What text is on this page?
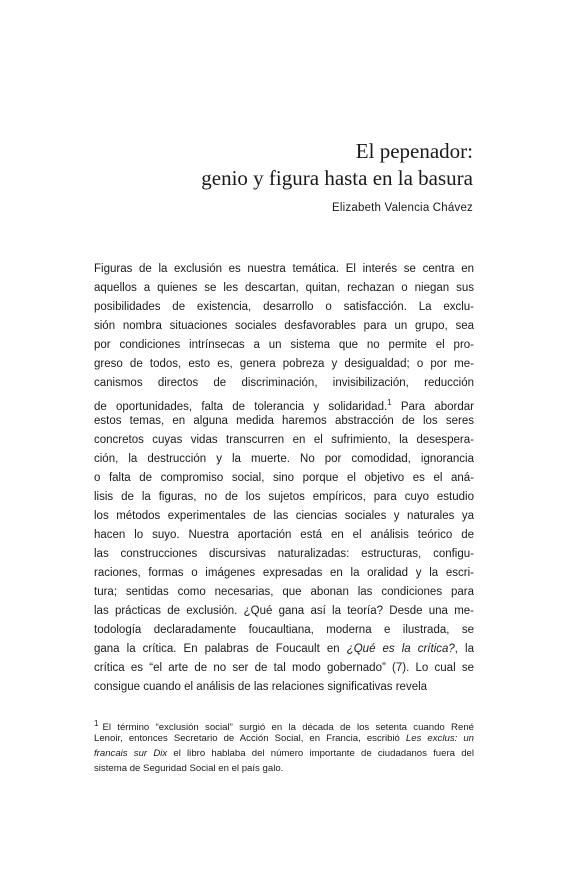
El pepenador:
genio y figura hasta en la basura
Elizabeth Valencia Chávez
Figuras de la exclusión es nuestra temática. El interés se centra en
aquellos a quienes se les descartan, quitan, rechazan o niegan sus
posibilidades de existencia, desarrollo o satisfacción. La exclu-
sión nombra situaciones sociales desfavorables para un grupo, sea
por condiciones intrínsecas a un sistema que no permite el pro-
greso de todos, esto es, genera pobreza y desigualdad; o por me-
canismos directos de discriminación, invisibilización, reducción
de oportunidades, falta de tolerancia y solidaridad.$^1$ Para abordar
estos temas, en alguna medida haremos abstracción de los seres
concretos cuyas vidas transcurren en el sufrimiento, la desespera-
ción, la destrucción y la muerte. No por comodidad, ignorancia
o falta de compromiso social, sino porque el objetivo es el aná-
lisis de la figuras, no de los sujetos empíricos, para cuyo estudio
los métodos experimentales de las ciencias sociales y naturales ya
hacen lo suyo. Nuestra aportación está en el análisis teórico de
las construcciones discursivas naturalizadas: estructuras, configu-
raciones, formas o imágenes expresadas en la oralidad y la escri-
tura; sentidas como necesarias, que abonan las condiciones para
las prácticas de exclusión. ¿Qué gana así la teoría? Desde una me-
todología declaradamente foucaultiana, moderna e ilustrada, se
gana la crítica. En palabras de Foucault en ¿Qué es la crítica?, la
crítica es “el arte de no ser de tal modo gobernado” (7). Lo cual se
consigue cuando el análisis de las relaciones significativas revela
$^1$ El término “exclusión social” surgió en la década de los setenta cuando René
Lenoir, entonces Secretario de Acción Social, en Francia, escribió Les exclus: un
francais sur Dix el libro hablaba del número importante de ciudadanos fuera del
sistema de Seguridad Social en el país galo.
